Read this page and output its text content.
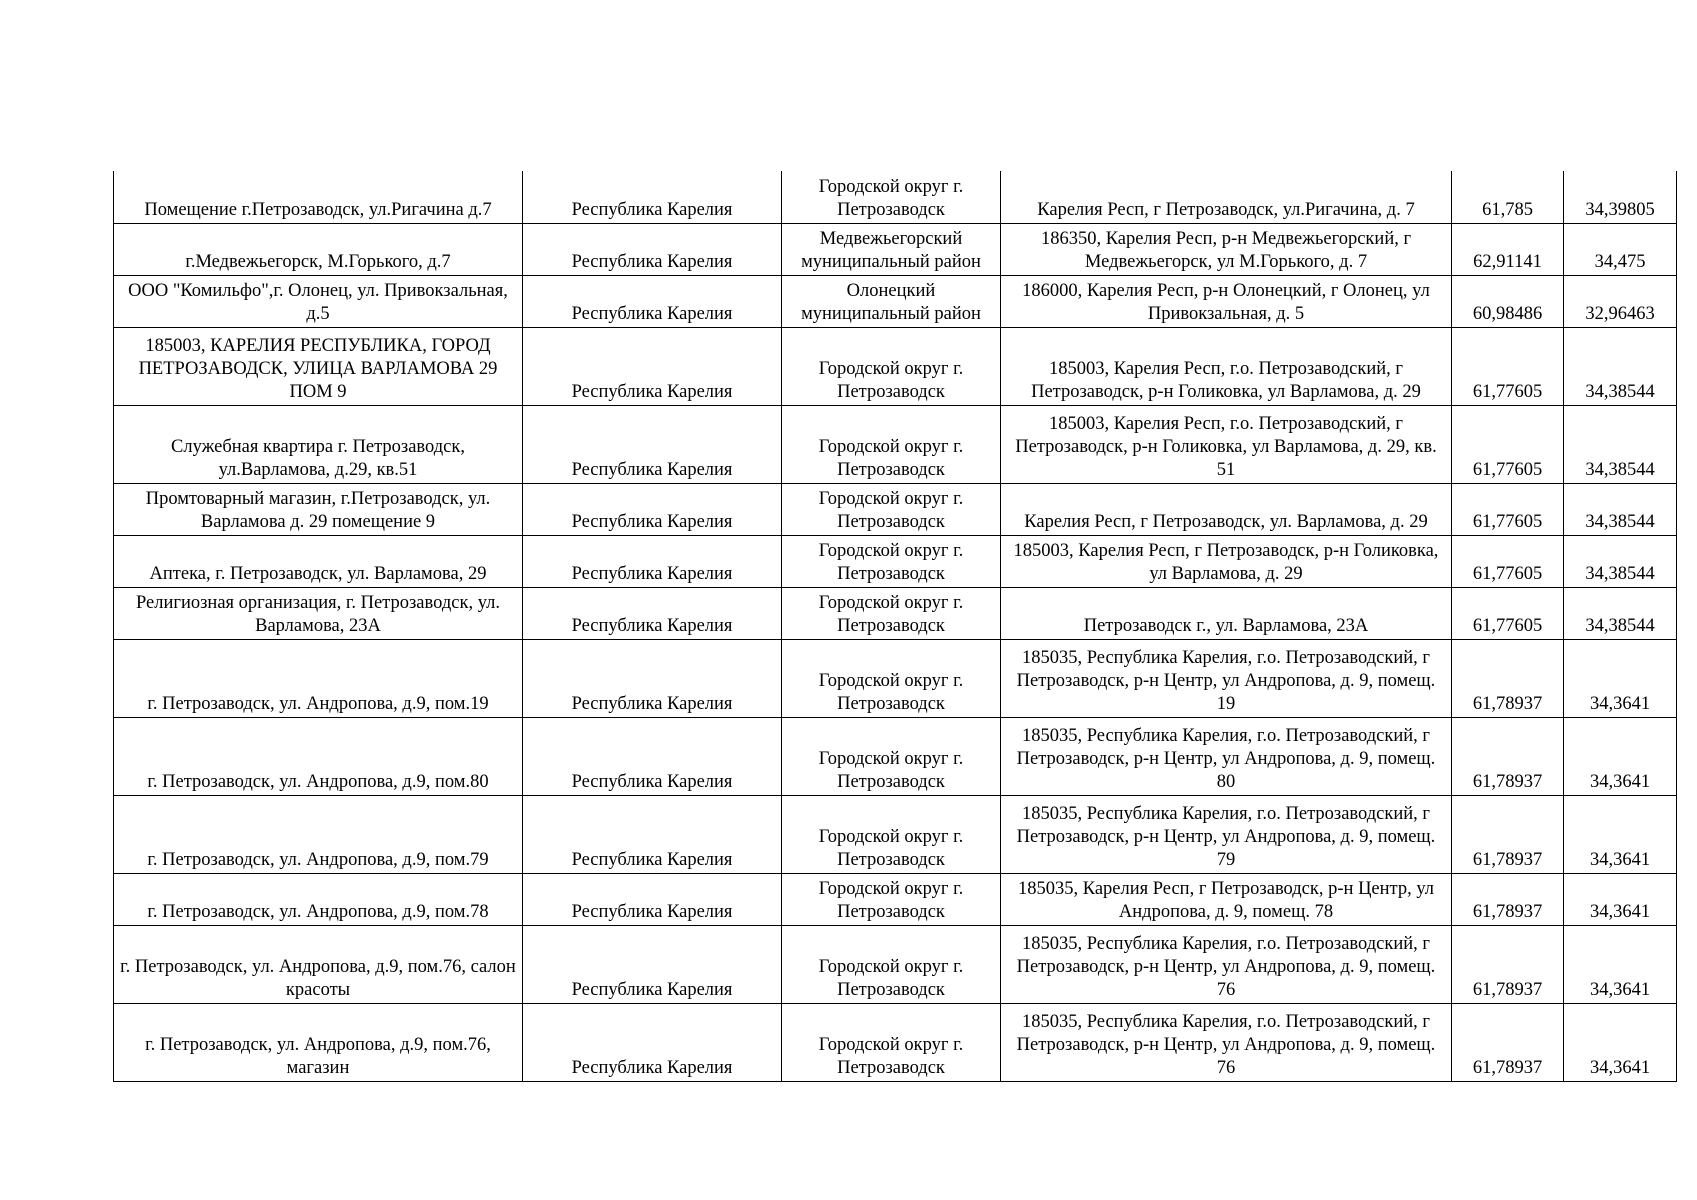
Помещение г.Петрозаводск, ул.Ригачина д.7	Республика Карелия	Городской округ г. Петрозаводск	Карелия Респ, г Петрозаводск, ул.Ригачина, д. 7	61,785	34,39805
г.Медвежьегорск, М.Горького, д.7	Республика Карелия	Медвежьегорский муниципальный район	186350, Карелия Респ, р-н Медвежьегорский, г Медвежьегорск, ул М.Горького, д. 7	62,91141	34,475
ООО "Комильфо",г. Олонец, ул. Привокзальная, д.5	Республика Карелия	Олонецкий муниципальный район	186000, Карелия Респ, р-н Олонецкий, г Олонец, ул Привокзальная, д. 5	60,98486	32,96463
185003, КАРЕЛИЯ РЕСПУБЛИКА, ГОРОД ПЕТРОЗАВОДСК, УЛИЦА ВАРЛАМОВА 29 ПОМ 9	Республика Карелия	Городской округ г. Петрозаводск	185003, Карелия Респ, г.о. Петрозаводский, г Петрозаводск, р-н Голиковка, ул Варламова, д. 29	61,77605	34,38544
Служебная квартира г. Петрозаводск, ул.Варламова, д.29, кв.51	Республика Карелия	Городской округ г. Петрозаводск	185003, Карелия Респ, г.о. Петрозаводский, г Петрозаводск, р-н Голиковка, ул Варламова, д. 29, кв. 51	61,77605	34,38544
Промтоварный магазин, г.Петрозаводск, ул. Варламова д. 29 помещение 9	Республика Карелия	Городской округ г. Петрозаводск	Карелия Респ, г Петрозаводск, ул. Варламова, д. 29	61,77605	34,38544
Аптека, г. Петрозаводск, ул. Варламова, 29	Республика Карелия	Городской округ г. Петрозаводск	185003, Карелия Респ, г Петрозаводск, р-н Голиковка, ул Варламова, д. 29	61,77605	34,38544
Религиозная организация, г. Петрозаводск, ул. Варламова, 23А	Республика Карелия	Городской округ г. Петрозаводск	Петрозаводск г., ул. Варламова, 23А	61,77605	34,38544
г. Петрозаводск, ул. Андропова, д.9, пом.19	Республика Карелия	Городской округ г. Петрозаводск	185035, Республика Карелия, г.о. Петрозаводский, г Петрозаводск, р-н Центр, ул Андропова, д. 9, помещ. 19	61,78937	34,3641
г. Петрозаводск, ул. Андропова, д.9, пом.80	Республика Карелия	Городской округ г. Петрозаводск	185035, Республика Карелия, г.о. Петрозаводский, г Петрозаводск, р-н Центр, ул Андропова, д. 9, помещ. 80	61,78937	34,3641
г. Петрозаводск, ул. Андропова, д.9, пом.79	Республика Карелия	Городской округ г. Петрозаводск	185035, Республика Карелия, г.о. Петрозаводский, г Петрозаводск, р-н Центр, ул Андропова, д. 9, помещ. 79	61,78937	34,3641
г. Петрозаводск, ул. Андропова, д.9, пом.78	Республика Карелия	Городской округ г. Петрозаводск	185035, Карелия Респ, г Петрозаводск, р-н Центр, ул Андропова, д. 9, помещ. 78	61,78937	34,3641
г. Петрозаводск, ул. Андропова, д.9, пом.76, салон красоты	Республика Карелия	Городской округ г. Петрозаводск	185035, Республика Карелия, г.о. Петрозаводский, г Петрозаводск, р-н Центр, ул Андропова, д. 9, помещ. 76	61,78937	34,3641
г. Петрозаводск, ул. Андропова, д.9, пом.76, магазин	Республика Карелия	Городской округ г. Петрозаводск	185035, Республика Карелия, г.о. Петрозаводский, г Петрозаводск, р-н Центр, ул Андропова, д. 9, помещ. 76	61,78937	34,3641
